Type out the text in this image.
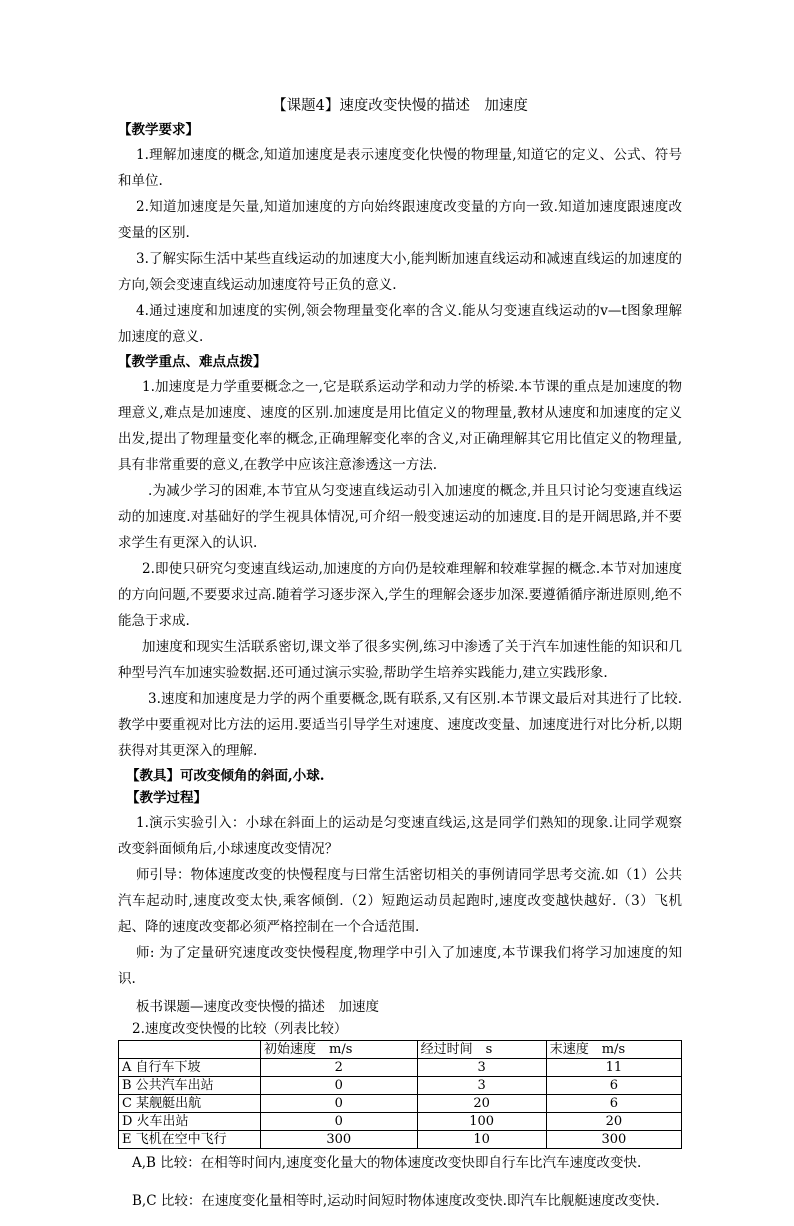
【课题4】速度改变快慢的描述　加速度
【教学要求】

1.理解加速度的概念,知道加速度是表示速度变化快慢的物理量,知道它的定义、公式、符号和单位.

2.知道加速度是矢量,知道加速度的方向始终跟速度改变量的方向一致.知道加速度跟速度改变量的区别.

3.了解实际生活中某些直线运动的加速度大小,能判断加速直线运动和减速直线运的加速度的方向,领会变速直线运动加速度符号正负的意义.

4.通过速度和加速度的实例,领会物理量变化率的含义.能从匀变速直线运动的v—t图象理解加速度的意义.

【教学重点、难点点拨】

1.加速度是力学重要概念之一,它是联系运动学和动力学的桥梁.本节课的重点是加速度的物理意义,难点是加速度、速度的区别.加速度是用比值定义的物理量,教材从速度和加速度的定义出发,提出了物理量变化率的概念,正确理解变化率的含义,对正确理解其它用比值定义的物理量,具有非常重要的意义,在教学中应该注意渗透这一方法.

.为减少学习的困难,本节宜从匀变速直线运动引入加速度的概念,并且只讨论匀变速直线运动的加速度.对基础好的学生视具体情况,可介绍一般变速运动的加速度.目的是开阔思路,并不要求学生有更深入的认识.

2.即使只研究匀变速直线运动,加速度的方向仍是较难理解和较难掌握的概念.本节对加速度的方向问题,不要要求过高.随着学习逐步深入,学生的理解会逐步加深.要遵循循序渐进原则,绝不能急于求成.

加速度和现实生活联系密切,课文举了很多实例,练习中渗透了关于汽车加速性能的知识和几种型号汽车加速实验数据.还可通过演示实验,帮助学生培养实践能力,建立实践形象.

3.速度和加速度是力学的两个重要概念,既有联系,又有区别.本节课文最后对其进行了比较.教学中要重视对比方法的运用.要适当引导学生对速度、速度改变量、加速度进行对比分析,以期获得对其更深入的理解.

【教具】可改变倾角的斜面,小球.
【教学过程】

1.演示实验引入：小球在斜面上的运动是匀变速直线运,这是同学们熟知的现象.让同学观察改变斜面倾角后,小球速度改变情况？

师引导：物体速度改变的快慢程度与曰常生活密切相关的事例请同学思考交流.如（1）公共汽车起动时,速度改变太快,乘客倾倒.（2）短跑运动员起跑时,速度改变越快越好.（3）飞机起、降的速度改变都必须严格控制在一个合适范围.

师: 为了定量研究速度改变快慢程度,物理学中引入了加速度,本节课我们将学习加速度的知识.

板书课题—速度改变快慢的描述　加速度
2.速度改变快慢的比较（列表比较）
	初始速度　m/s	经过时间　s	末速度　m/s
A 自行车下坡	2	3	11
B 公共汽车出站	0	3	6
C 某舰艇出航	0	20	6
D 火车出站	0	100	20
E 飞机在空中飞行	300	10	300

A,B 比较：在相等时间内,速度变化量大的物体速度改变快即自行车比汽车速度改变快.

B,C 比较：在速度变化量相等时,运动时间短时物体速度改变快.即汽车比舰艇速度改变快.
